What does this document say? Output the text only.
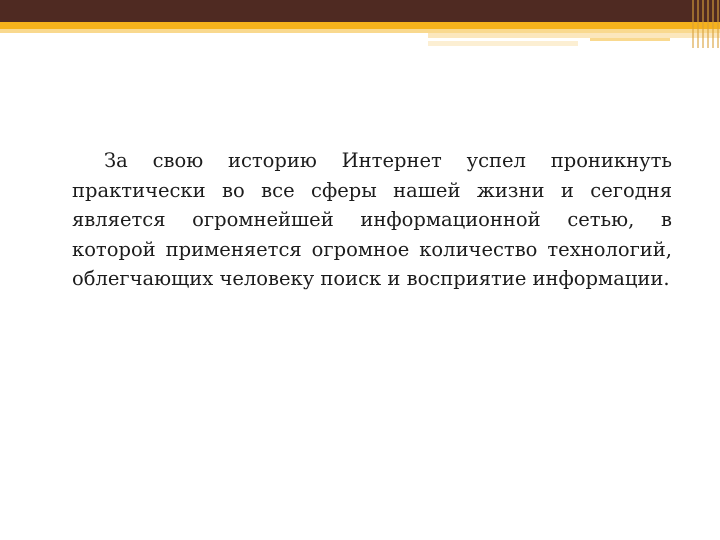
За свою историю Интернет успел проникнуть практически во все сферы нашей жизни и сегодня является огромнейшей информационной сетью, в которой применяется огромное количество технологий, облегчающих человеку поиск и восприятие информации.
